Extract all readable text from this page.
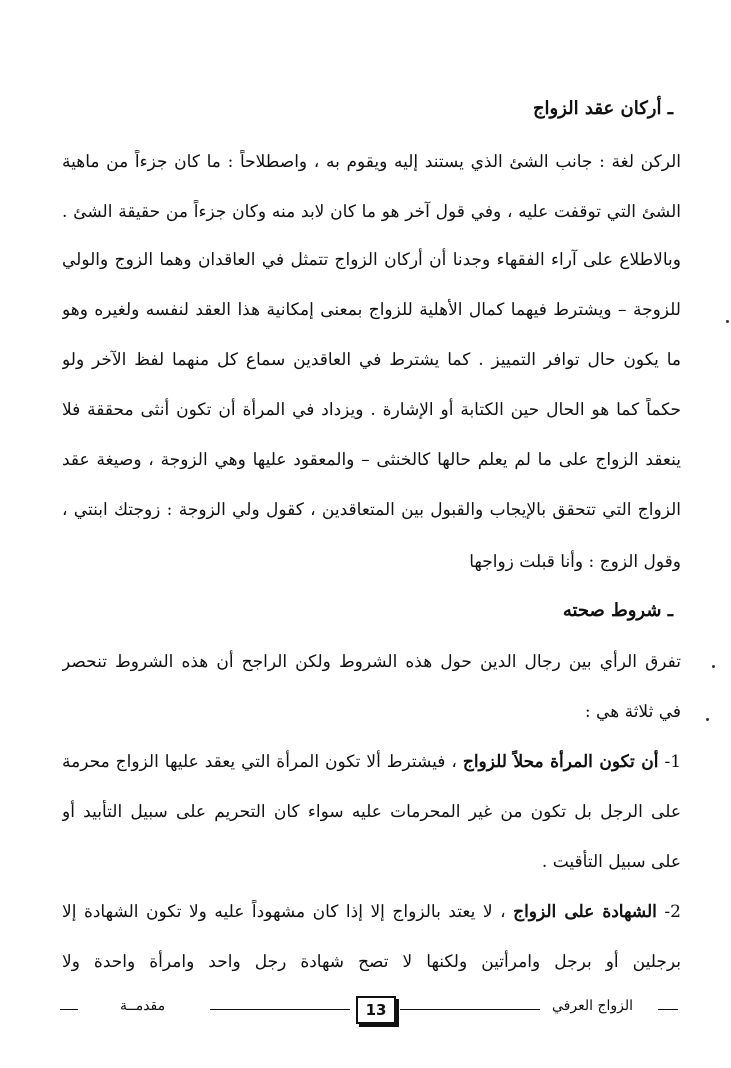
ـ أركان عقد الزواج
الركن لغة : جانب الشئ الذي يستند إليه ويقوم به ، واصطلاحاً : ما كان جزءاً من ماهية
الشئ التي توقفت عليه ، وفي قول آخر هو ما كان لابد منه وكان جزءاً من حقيقة الشئ .
وبالاطلاع على آراء الفقهاء وجدنا أن أركان الزواج تتمثل في العاقدان وهما الزوج والولي
للزوجة – ويشترط فيهما كمال الأهلية للزواج بمعنى إمكانية هذا العقد لنفسه ولغيره وهو
ما يكون حال توافر التمييز . كما يشترط في العاقدين سماع كل منهما لفظ الآخر ولو
حكماً كما هو الحال حين الكتابة أو الإشارة . ويزداد في المرأة أن تكون أنثى محققة فلا
ينعقد الزواج على ما لم يعلم حالها كالخنثى – والمعقود عليها وهي الزوجة ، وصيغة عقد
الزواج التي تتحقق بالإيجاب والقبول بين المتعاقدين ، كقول ولي الزوجة : زوجتك ابنتي ،
وقول الزوج : وأنا قبلت زواجها
ـ شروط صحته
تفرق الرأي بين رجال الدين حول هذه الشروط ولكن الراجح أن هذه الشروط تنحصر
في ثلاثة هي :
1- أن تكون المرأة محلاً للزواج ، فيشترط ألا تكون المرأة التي يعقد عليها الزواج محرمة
على الرجل بل تكون من غير المحرمات عليه سواء كان التحريم على سبيل التأبيد أو
على سبيل التأقيت .
2- الشهادة على الزواج ، لا يعتد بالزواج إلا إذا كان مشهوداً عليه ولا تكون الشهادة إلا
برجلين أو برجل وامرأتين ولكنها لا تصح شهادة رجل واحد وامرأة واحدة ولا
مقدمــة	13	الزواج العرفي
